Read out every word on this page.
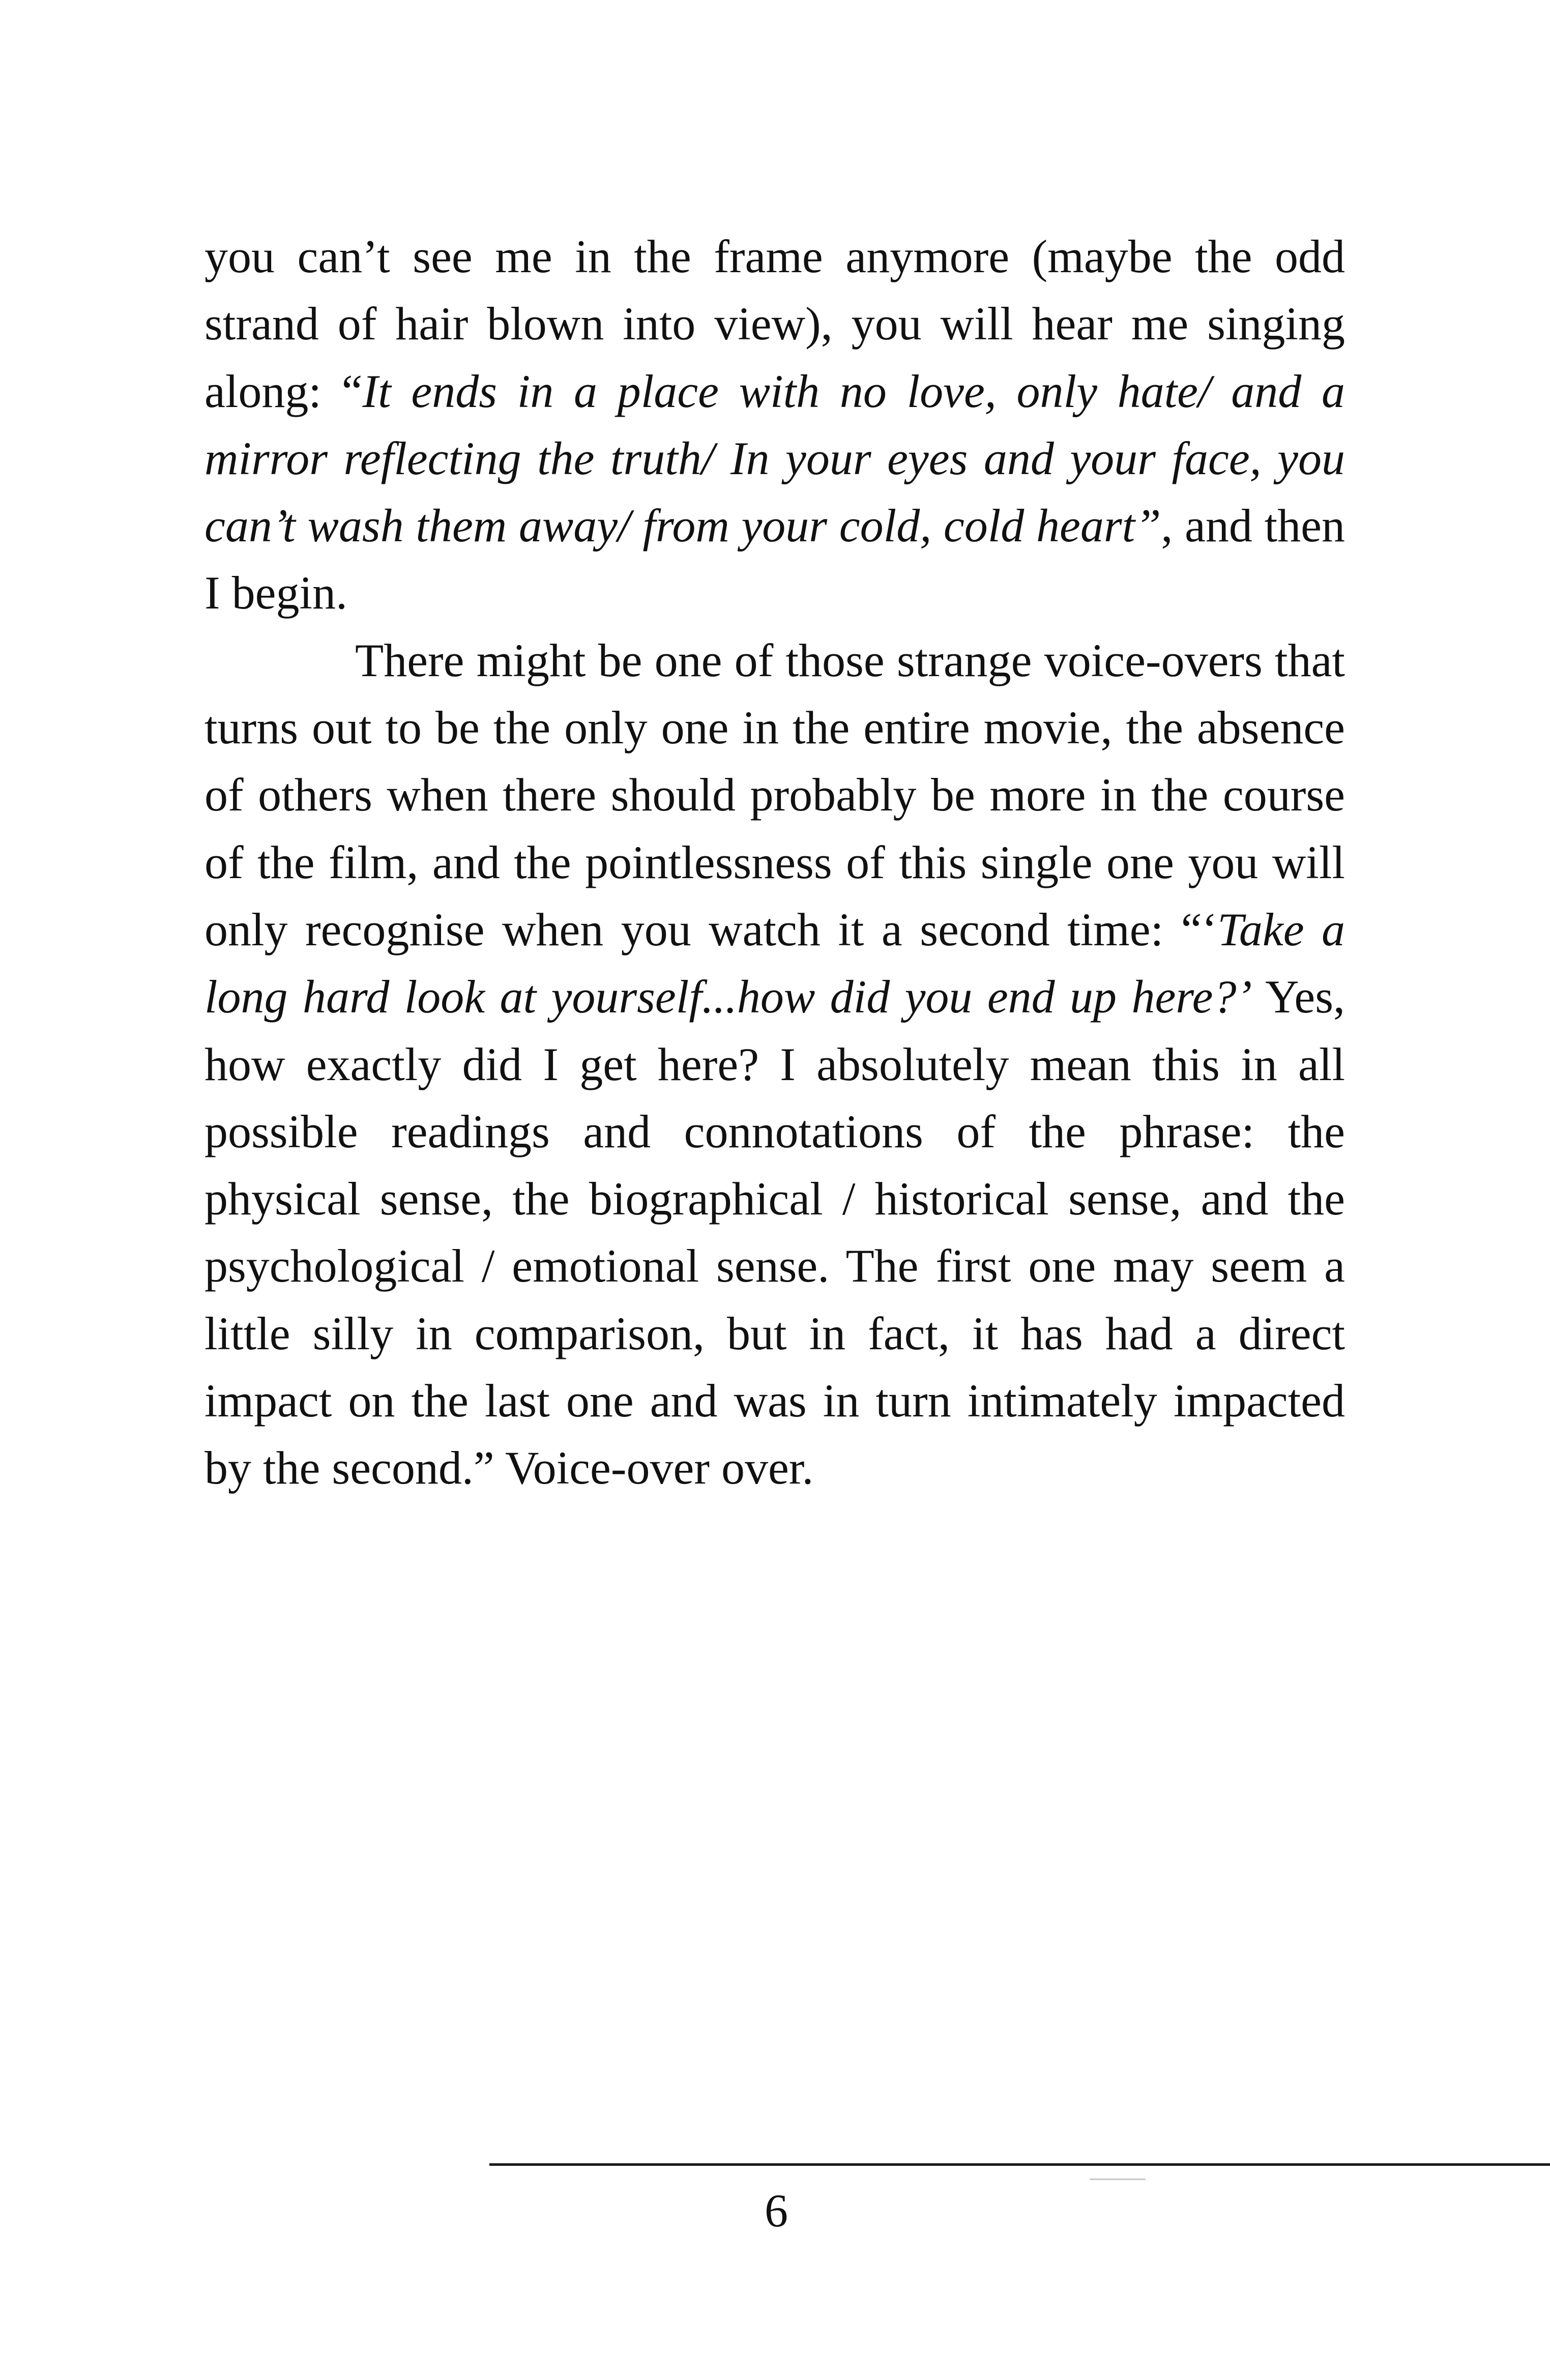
you can’t see me in the frame anymore (maybe the odd strand of hair blown into view), you will hear me singing along: “It ends in a place with no love, only hate/ and a mirror reflecting the truth/ In your eyes and your face, you can’t wash them away/ from your cold, cold heart”, and then I begin.

There might be one of those strange voice-overs that turns out to be the only one in the entire movie, the absence of others when there should probably be more in the course of the film, and the pointlessness of this single one you will only recognise when you watch it a second time: “‘Take a long hard look at yourself...how did you end up here?’ Yes, how exactly did I get here? I absolutely mean this in all possible readings and connotations of the phrase: the physical sense, the biographical / historical sense, and the psychological / emotional sense. The first one may seem a little silly in comparison, but in fact, it has had a direct impact on the last one and was in turn intimately impacted by the second.” Voice-over over.

6
